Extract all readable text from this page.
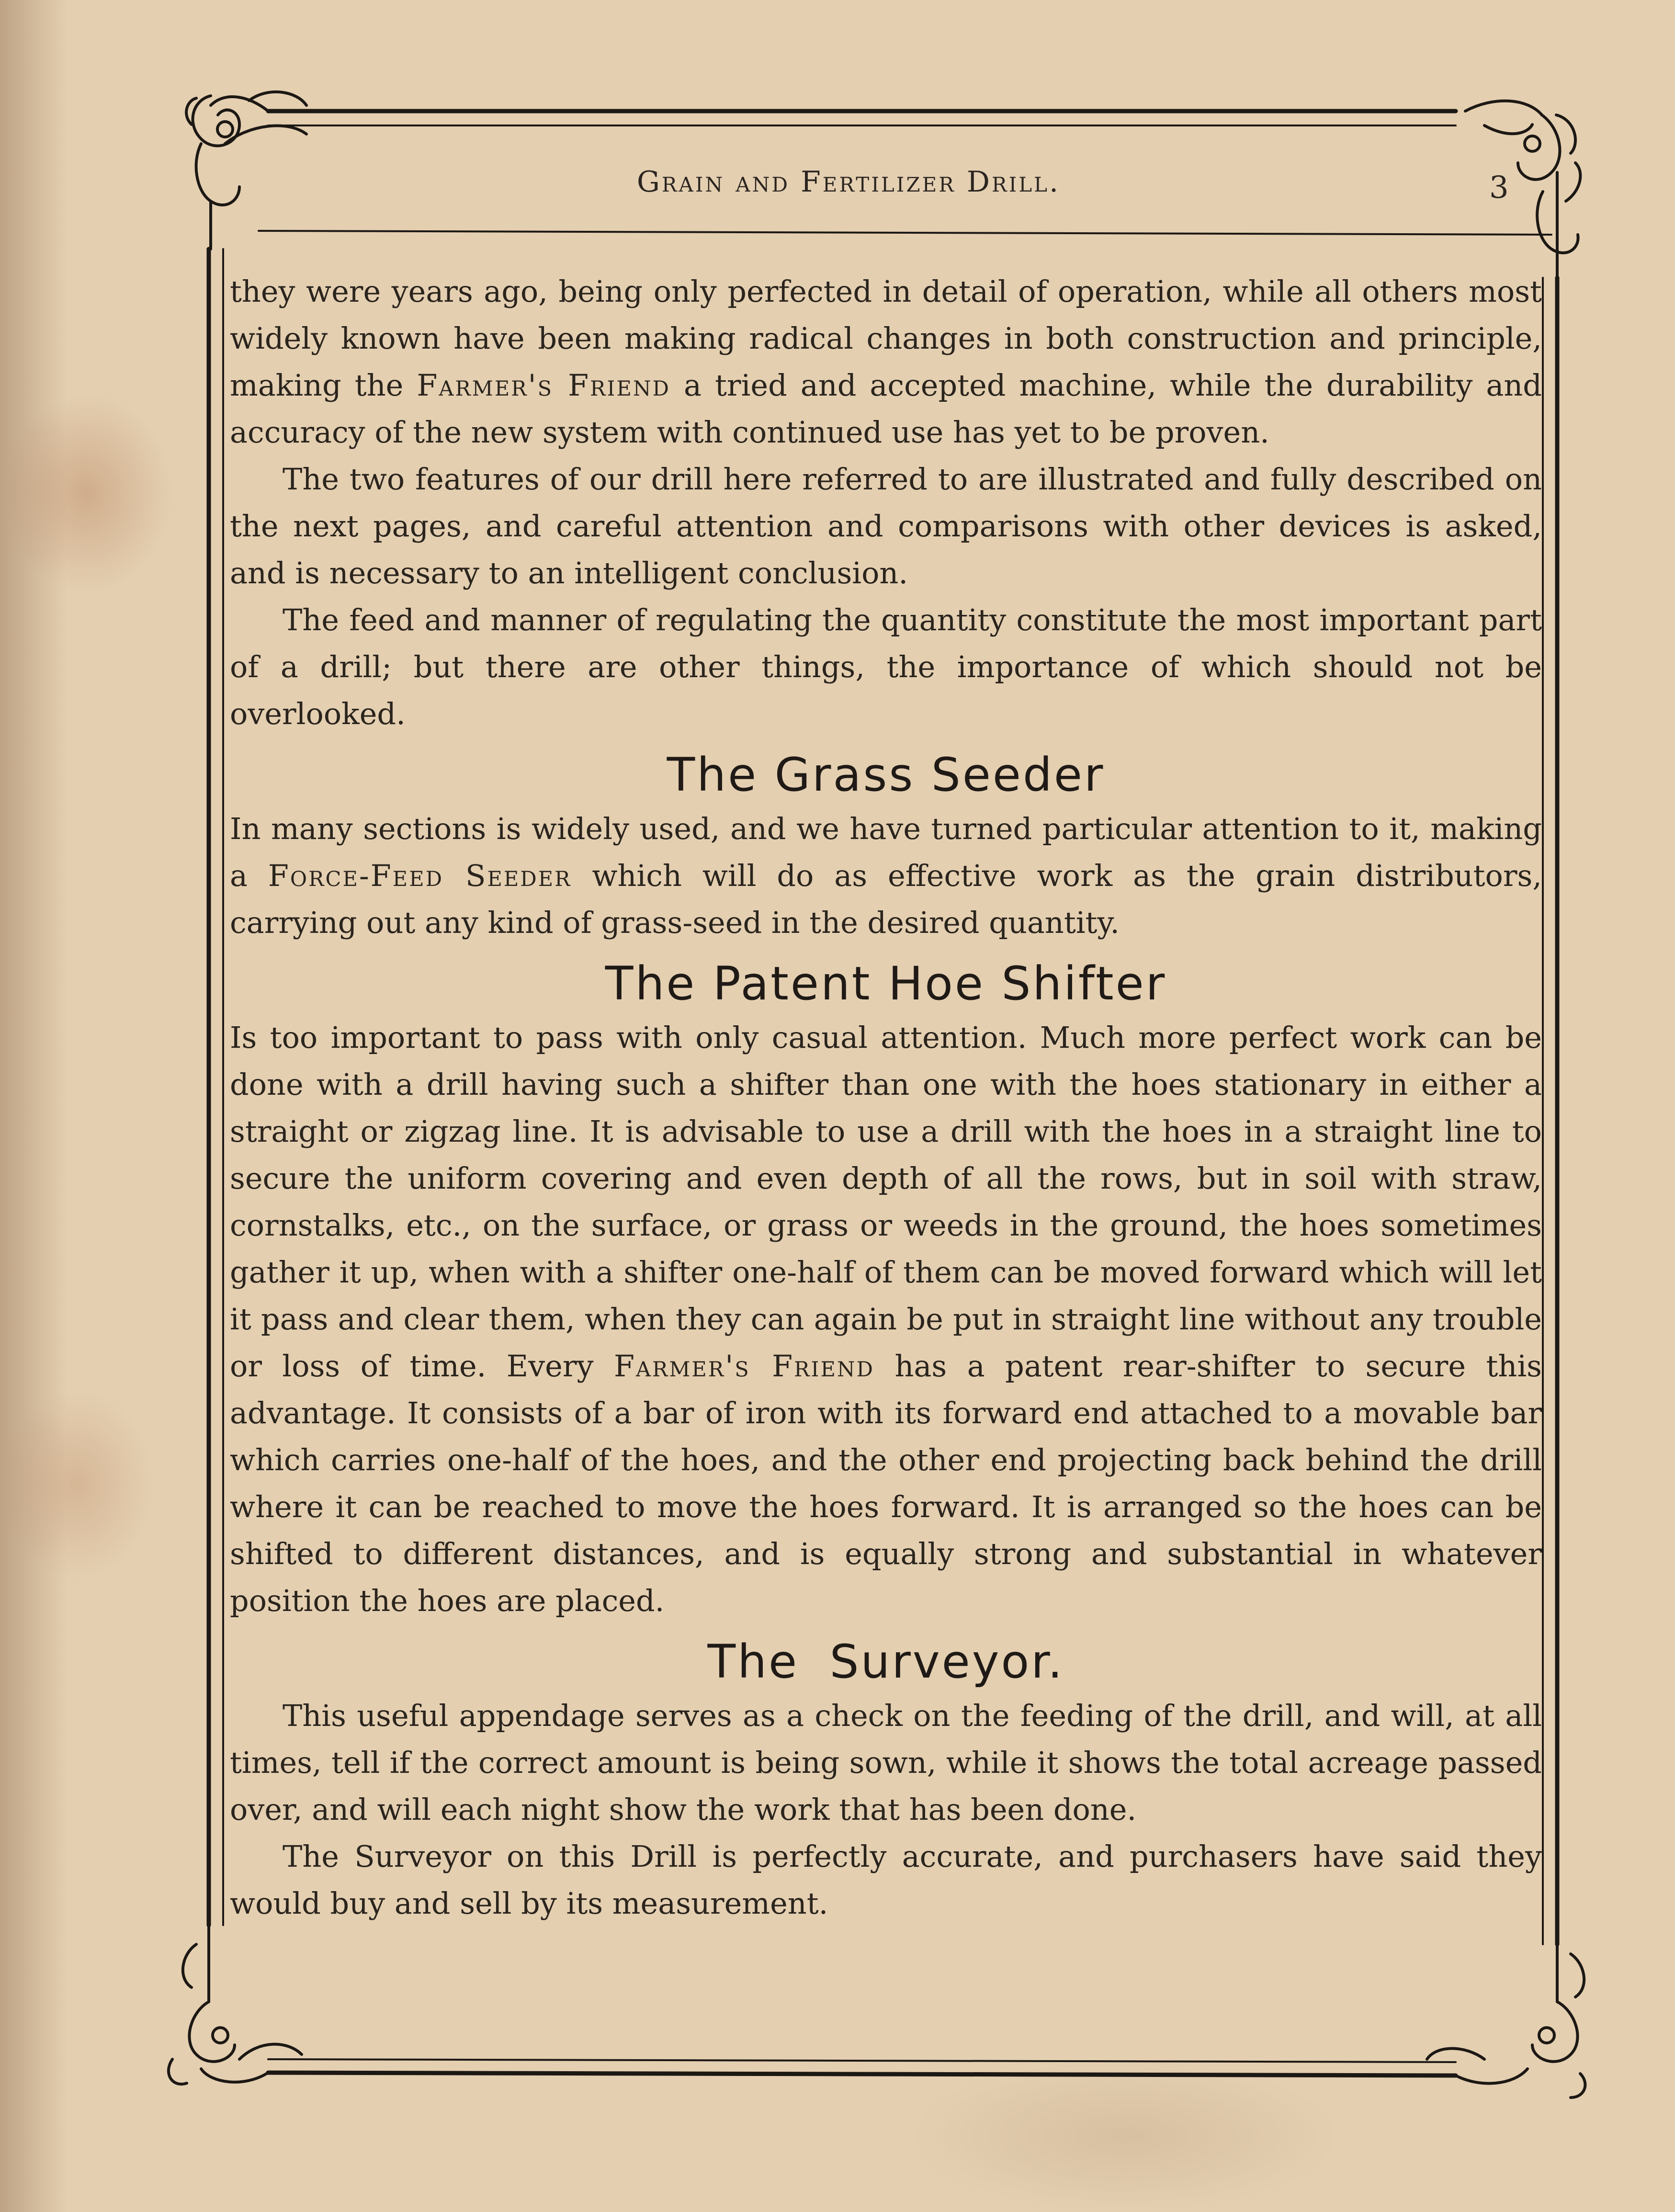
Grain and Fertilizer Drill.	3

they were years ago, being only perfected in detail of operation, while all others most widely known have been making radical changes in both construction and principle, making the Farmer's Friend a tried and accepted machine, while the durability and accuracy of the new system with continued use has yet to be proven.

The two features of our drill here referred to are illustrated and fully described on the next pages, and careful attention and comparisons with other devices is asked, and is necessary to an intelligent conclusion.

The feed and manner of regulating the quantity constitute the most important part of a drill; but there are other things, the importance of which should not be overlooked.

The Grass Seeder

In many sections is widely used, and we have turned particular attention to it, making a Force-Feed Seeder which will do as effective work as the grain distributors, carrying out any kind of grass-seed in the desired quantity.

The Patent Hoe Shifter

Is too important to pass with only casual attention. Much more perfect work can be done with a drill having such a shifter than one with the hoes stationary in either a straight or zigzag line. It is advisable to use a drill with the hoes in a straight line to secure the uniform covering and even depth of all the rows, but in soil with straw, cornstalks, etc., on the surface, or grass or weeds in the ground, the hoes sometimes gather it up, when with a shifter one-half of them can be moved forward which will let it pass and clear them, when they can again be put in straight line without any trouble or loss of time. Every Farmer's Friend has a patent rear-shifter to secure this advantage. It consists of a bar of iron with its forward end attached to a movable bar which carries one-half of the hoes, and the other end projecting back behind the drill where it can be reached to move the hoes forward. It is arranged so the hoes can be shifted to different distances, and is equally strong and substantial in whatever position the hoes are placed.

The Surveyor.

This useful appendage serves as a check on the feeding of the drill, and will, at all times, tell if the correct amount is being sown, while it shows the total acreage passed over, and will each night show the work that has been done.

The Surveyor on this Drill is perfectly accurate, and purchasers have said they would buy and sell by its measurement.
